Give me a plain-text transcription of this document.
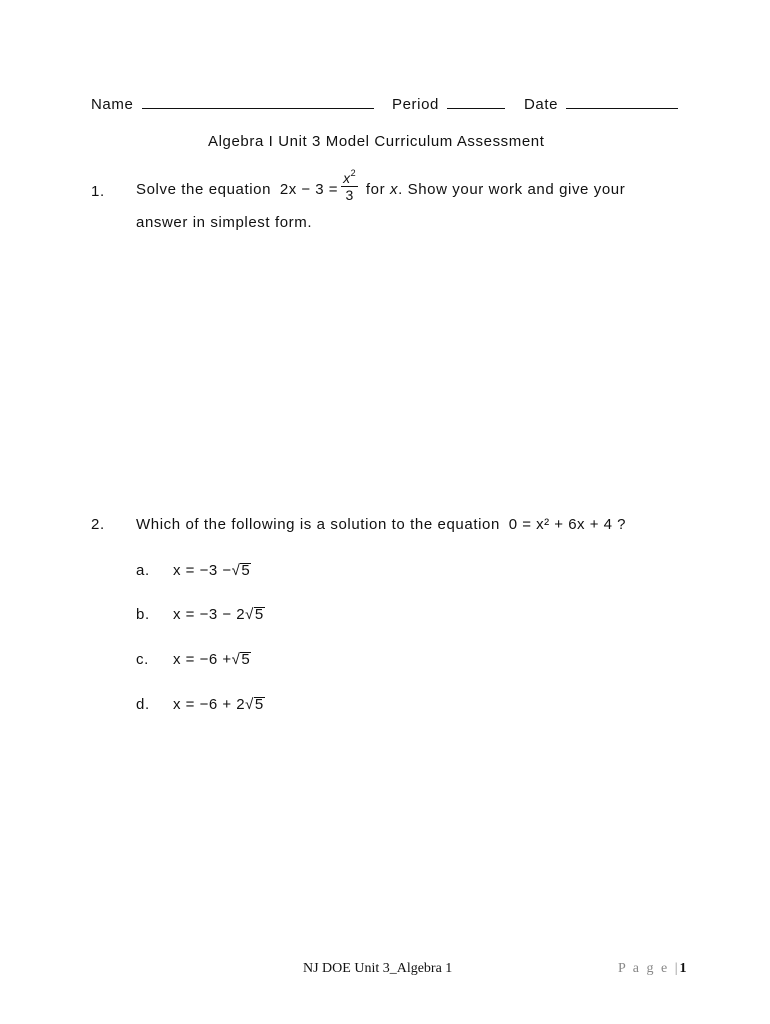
Name	Period	Date
Algebra I Unit 3 Model Curriculum Assessment
1. Solve the equation $2x - 3 = \frac{x^2}{3}$ for x. Show your work and give your
answer in simplest form.
2. Which of the following is a solution to the equation 0 = x² + 6x + 4 ?
a. x = −3 −√5
b. x = −3 − 2√5
c. x = −6 +√5
d. x = −6 + 2√5
NJ DOE Unit 3_Algebra 1	P a g e |1
